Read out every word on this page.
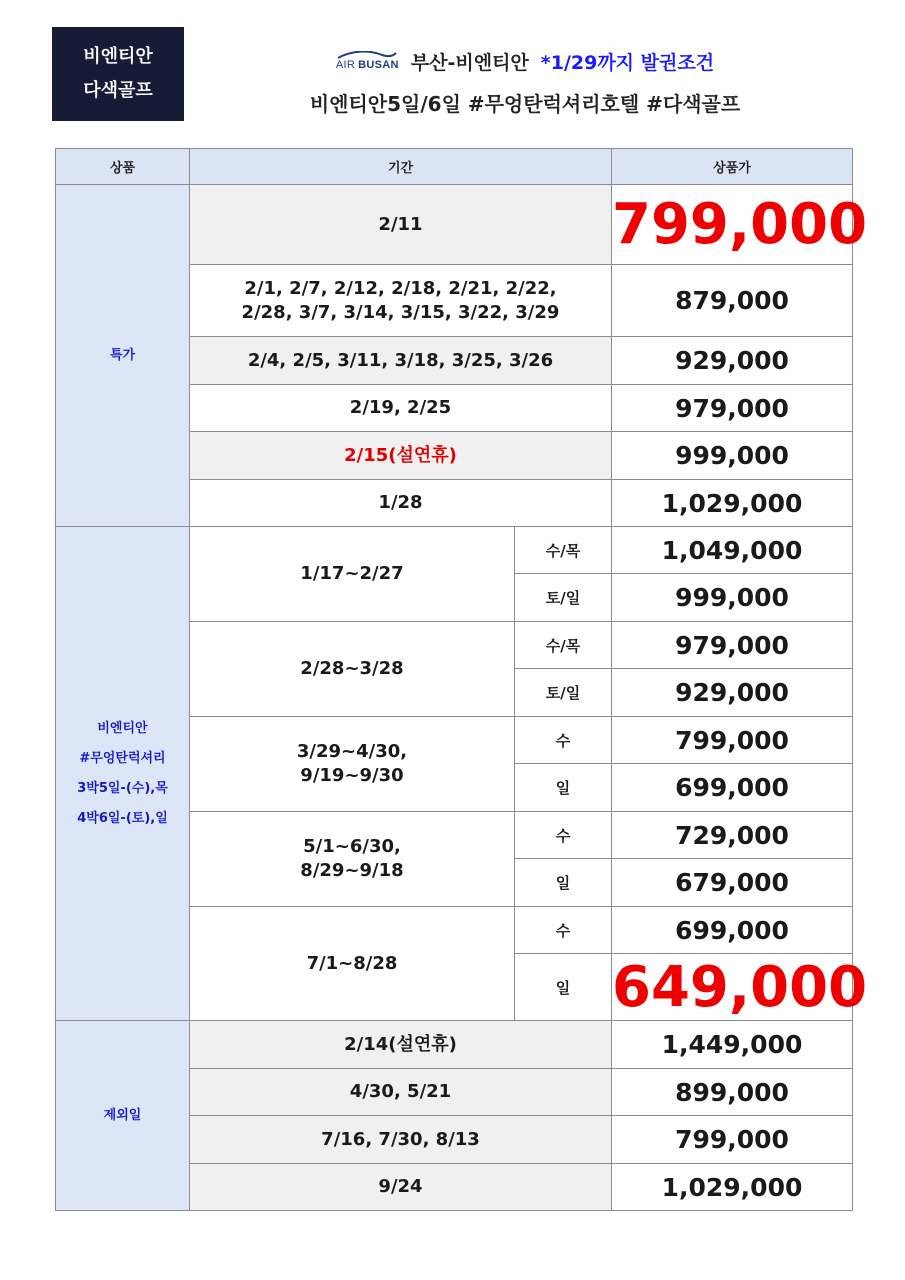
비엔티안
다색골프
AIR BUSAN 부산-비엔티안 *1/29까지 발권조건
비엔티안5일/6일 #무엉탄럭셔리호텔 #다색골프
상품	기간		상품가
특가	2/11		799,000

	2/1, 2/7, 2/12, 2/18, 2/21, 2/22,
2/28, 3/7, 3/14, 3/15, 3/22, 3/29		879,000
	2/4, 2/5, 3/11, 3/18, 3/25, 3/26		929,000
	2/19, 2/25		979,000
	2/15(설연휴)		999,000
	1/28		1,029,000

비엔티안
#무엉탄럭셔리
3박5일-(수),목
4박6일-(토),일	1/17~2/27	수/목	1,049,000
		토/일	999,000
	2/28~3/28	수/목	979,000
		토/일	929,000

	3/29~4/30,
9/19~9/30	수	799,000
		일	699,000

	5/1~6/30,
8/29~9/18	수	729,000
		일	679,000
	7/1~8/28	수	699,000
		일	649,000
제외일	2/14(설연휴)		1,449,000
	4/30, 5/21		899,000
	7/16, 7/30, 8/13		799,000
	9/24		1,029,000
